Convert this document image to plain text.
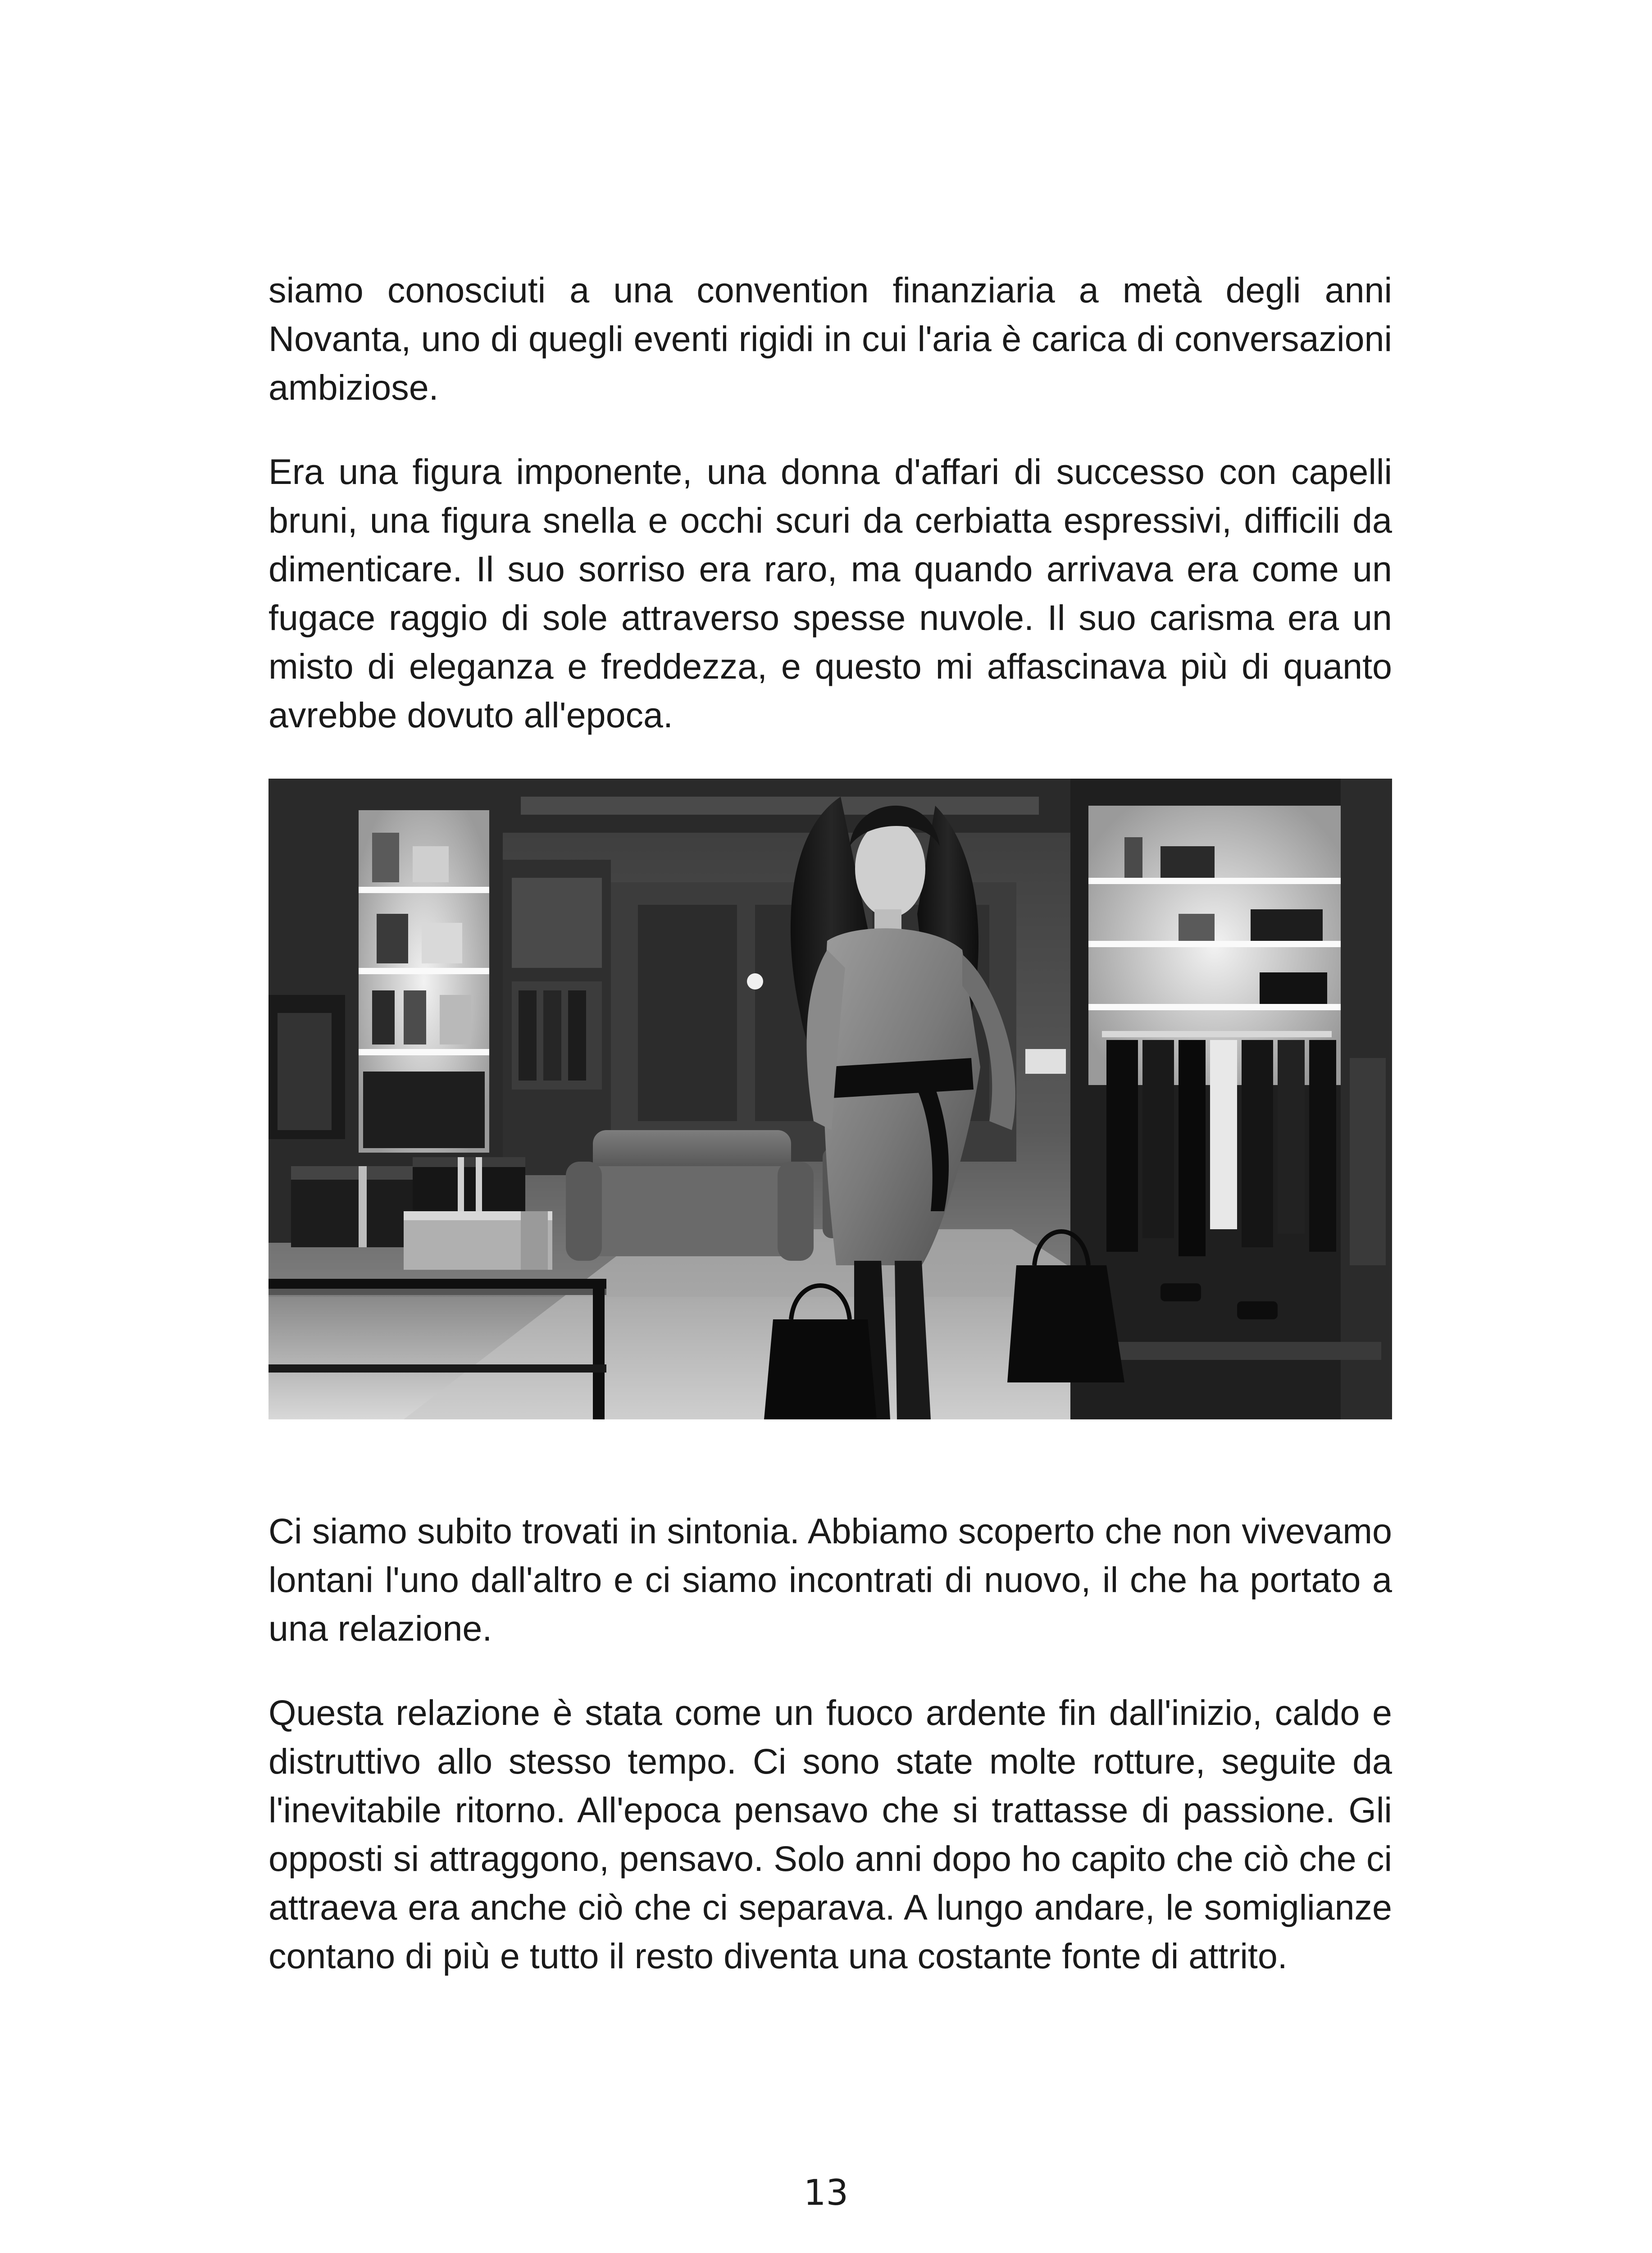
siamo conosciuti a una convention finanziaria a metà degli anni Novanta, uno di quegli eventi rigidi in cui l'aria è carica di conversazioni ambiziose.

Era una figura imponente, una donna d'affari di successo con capelli bruni, una figura snella e occhi scuri da cerbiatta espressivi, difficili da dimenticare. Il suo sorriso era raro, ma quando arrivava era come un fugace raggio di sole attraverso spesse nuvole. Il suo carisma era un misto di eleganza e freddezza, e questo mi affascinava più di quanto avrebbe dovuto all'epoca.

Ci siamo subito trovati in sintonia. Abbiamo scoperto che non vivevamo lontani l'uno dall'altro e ci siamo incontrati di nuovo, il che ha portato a una relazione.

Questa relazione è stata come un fuoco ardente fin dall'inizio, caldo e distruttivo allo stesso tempo. Ci sono state molte rotture, seguite da l'inevitabile ritorno. All'epoca pensavo che si trattasse di passione. Gli opposti si attraggono, pensavo. Solo anni dopo ho capito che ciò che ci attraeva era anche ciò che ci separava. A lungo andare, le somiglianze contano di più e tutto il resto diventa una costante fonte di attrito.

13
